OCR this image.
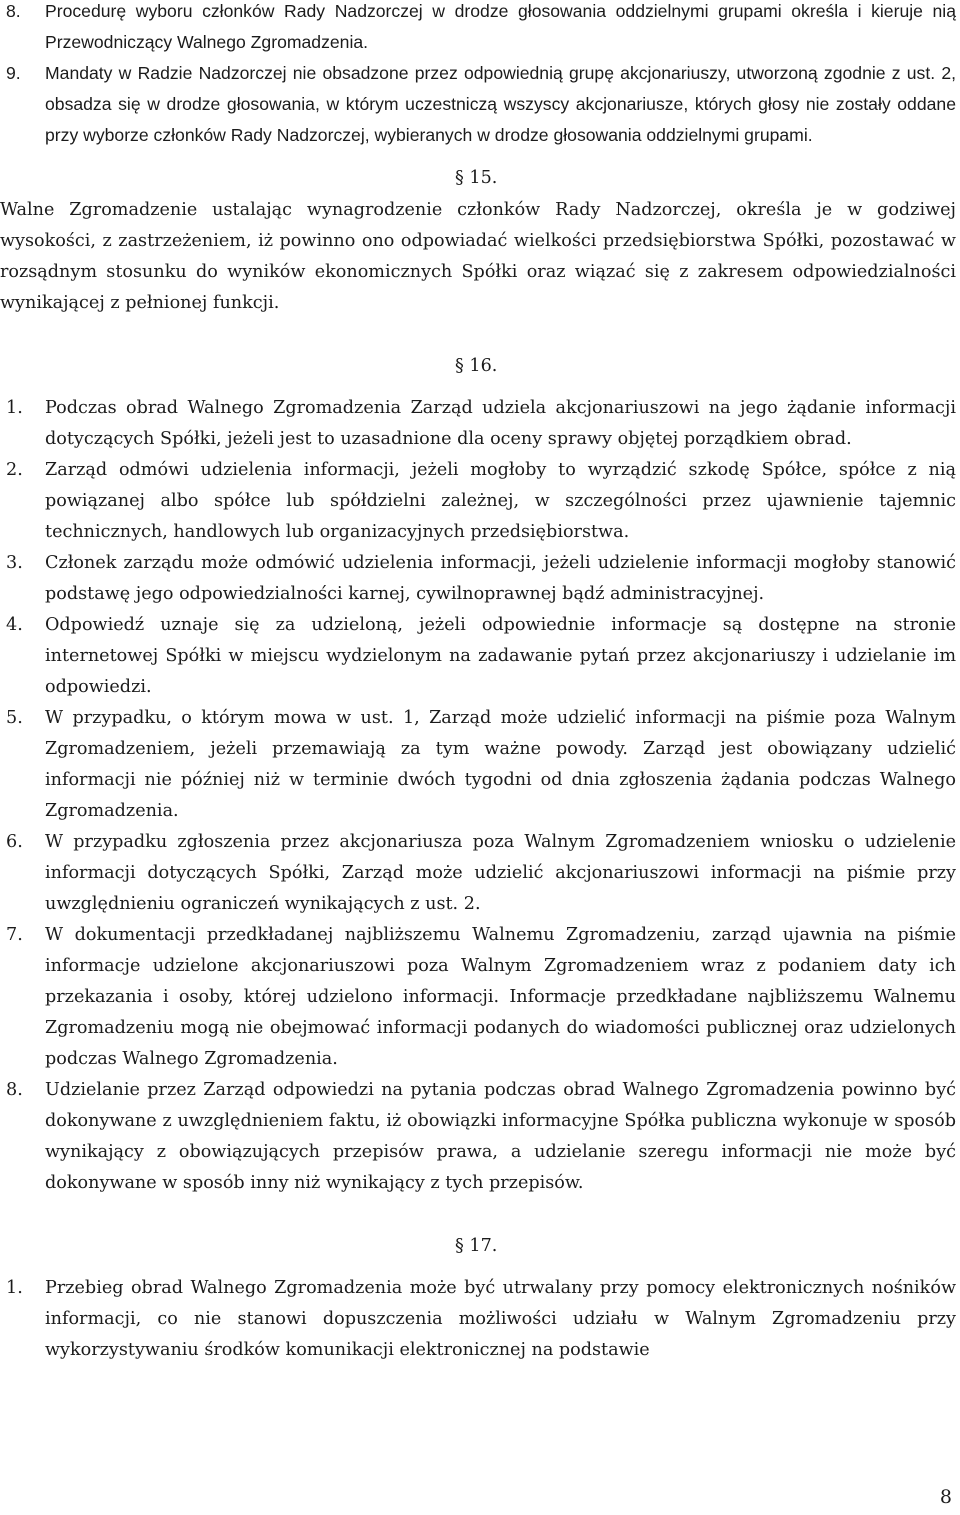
8. Procedurę wyboru członków Rady Nadzorczej w drodze głosowania oddzielnymi grupami określa i kieruje nią Przewodniczący Walnego Zgromadzenia.

9. Mandaty w Radzie Nadzorczej nie obsadzone przez odpowiednią grupę akcjonariuszy, utworzoną zgodnie z ust. 2, obsadza się w drodze głosowania, w którym uczestniczą wszyscy akcjonariusze, których głosy nie zostały oddane przy wyborze członków Rady Nadzorczej, wybieranych w drodze głosowania oddzielnymi grupami.

§ 15.

Walne Zgromadzenie ustalając wynagrodzenie członków Rady Nadzorczej, określa je w godziwej wysokości, z zastrzeżeniem, iż powinno ono odpowiadać wielkości przedsiębiorstwa Spółki, pozostawać w rozsądnym stosunku do wyników ekonomicznych Spółki oraz wiązać się z zakresem odpowiedzialności wynikającej z pełnionej funkcji.

§ 16.
1. Podczas obrad Walnego Zgromadzenia Zarząd udziela akcjonariuszowi na jego żądanie informacji dotyczących Spółki, jeżeli jest to uzasadnione dla oceny sprawy objętej porządkiem obrad.

2. Zarząd odmówi udzielenia informacji, jeżeli mogłoby to wyrządzić szkodę Spółce, spółce z nią powiązanej albo spółce lub spółdzielni zależnej, w szczególności przez ujawnienie tajemnic technicznych, handlowych lub organizacyjnych przedsiębiorstwa.

3. Członek zarządu może odmówić udzielenia informacji, jeżeli udzielenie informacji mogłoby stanowić podstawę jego odpowiedzialności karnej, cywilnoprawnej bądź administracyjnej.

4. Odpowiedź uznaje się za udzieloną, jeżeli odpowiednie informacje są dostępne na stronie internetowej Spółki w miejscu wydzielonym na zadawanie pytań przez akcjonariuszy i udzielanie im odpowiedzi.

5. W przypadku, o którym mowa w ust. 1, Zarząd może udzielić informacji na piśmie poza Walnym Zgromadzeniem, jeżeli przemawiają za tym ważne powody. Zarząd jest obowiązany udzielić informacji nie później niż w terminie dwóch tygodni od dnia zgłoszenia żądania podczas Walnego Zgromadzenia.

6. W przypadku zgłoszenia przez akcjonariusza poza Walnym Zgromadzeniem wniosku o udzielenie informacji dotyczących Spółki, Zarząd może udzielić akcjonariuszowi informacji na piśmie przy uwzględnieniu ograniczeń wynikających z ust. 2.

7. W dokumentacji przedkładanej najbliższemu Walnemu Zgromadzeniu, zarząd ujawnia na piśmie informacje udzielone akcjonariuszowi poza Walnym Zgromadzeniem wraz z podaniem daty ich przekazania i osoby, której udzielono informacji. Informacje przedkładane najbliższemu Walnemu Zgromadzeniu mogą nie obejmować informacji podanych do wiadomości publicznej oraz udzielonych podczas Walnego Zgromadzenia.

8. Udzielanie przez Zarząd odpowiedzi na pytania podczas obrad Walnego Zgromadzenia powinno być dokonywane z uwzględnieniem faktu, iż obowiązki informacyjne Spółka publiczna wykonuje w sposób wynikający z obowiązujących przepisów prawa, a udzielanie szeregu informacji nie może być dokonywane w sposób inny niż wynikający z tych przepisów.

§ 17.
1. Przebieg obrad Walnego Zgromadzenia może być utrwalany przy pomocy elektronicznych nośników informacji, co nie stanowi dopuszczenia możliwości udziału w Walnym Zgromadzeniu przy wykorzystywaniu środków komunikacji elektronicznej na podstawie

8
